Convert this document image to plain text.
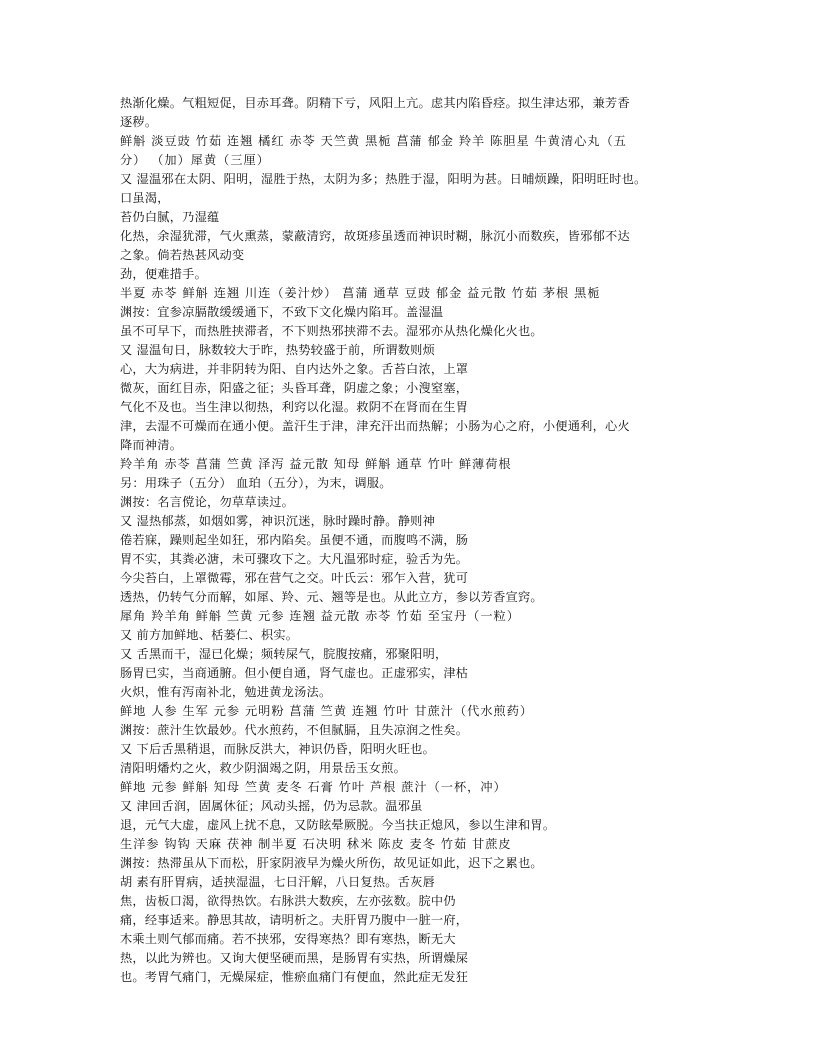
热渐化燥。气粗短促，目赤耳聋。阴精下亏，风阳上亢。虑其内陷昏痉。拟生津达邪，兼芳香
逐秽。
鲜斛 淡豆豉 竹茹 连翘 橘红 赤苓 天竺黄 黑栀 菖蒲 郁金 羚羊 陈胆星 牛黄清心丸（五
分） （加）犀黄（三厘）
又 湿温邪在太阴、阳明，湿胜于热，太阴为多；热胜于湿，阳明为甚。日晡烦躁，阳明旺时也。
口虽渴，
苔仍白腻，乃湿蕴
化热，余湿犹滞，气火熏蒸，蒙蔽清窍，故斑疹虽透而神识时糊，脉沉小而数疾，皆邪郁不达
之象。倘若热甚风动变
劲，便难措手。
半夏 赤苓 鲜斛 连翘 川连（姜汁炒） 菖蒲 通草 豆豉 郁金 益元散 竹茹 茅根 黑栀
渊按：宜参凉膈散缓缓通下，不致下文化燥内陷耳。盖湿温
虽不可早下，而热胜挟滞者，不下则热邪挟滞不去。湿邪亦从热化燥化火也。
又 湿温旬日，脉数较大于昨，热势较盛于前，所谓数则烦
心，大为病进，并非阴转为阳、自内达外之象。舌苔白浓，上罩
微灰，面红目赤，阳盛之征；头昏耳聋，阴虚之象；小溲窒塞，
气化不及也。当生津以彻热，利窍以化湿。救阴不在肾而在生胃
津，去湿不可燥而在通小便。盖汗生于津，津充汗出而热解；小肠为心之府，小便通利，心火
降而神清。
羚羊角 赤苓 菖蒲 竺黄 泽泻 益元散 知母 鲜斛 通草 竹叶 鲜薄荷根
另：用珠子（五分） 血珀（五分），为末，调服。
渊按：名言傥论，勿草草读过。
又 湿热郁蒸，如烟如雾，神识沉迷，脉时躁时静。静则神
倦若寐，躁则起坐如狂，邪内陷矣。虽便不通，而腹鸣不满，肠
胃不实，其粪必溏，未可骤攻下之。大凡温邪时症，验舌为先。
今尖苔白，上罩微霉，邪在营气之交。叶氏云：邪乍入营，犹可
透热，仍转气分而解，如犀、羚、元、翘等是也。从此立方，参以芳香宣窍。
犀角 羚羊角 鲜斛 竺黄 元参 连翘 益元散 赤苓 竹茹 至宝丹（一粒）
又 前方加鲜地、栝蒌仁、枳实。
又 舌黑而干，湿已化燥；频转屎气，脘腹按痛，邪聚阳明，
肠胃已实，当商通腑。但小便自通，肾气虚也。正虚邪实，津枯
火炽，惟有泻南补北，勉进黄龙汤法。
鲜地 人参 生军 元参 元明粉 菖蒲 竺黄 连翘 竹叶 甘蔗汁（代水煎药）
渊按：蔗汁生饮最妙。代水煎药，不但腻膈，且失凉润之性矣。
又 下后舌黑稍退，而脉反洪大，神识仍昏，阳明火旺也。
清阳明燔灼之火，救少阴涸竭之阴，用景岳玉女煎。
鲜地 元参 鲜斛 知母 竺黄 麦冬 石膏 竹叶 芦根 蔗汁（一杯，冲）
又 津回舌润，固属休征；风动头摇，仍为忌款。温邪虽
退，元气大虚，虚风上扰不息，又防眩晕厥脱。今当扶正熄风，参以生津和胃。
生洋参 钩钩 天麻 茯神 制半夏 石决明 秫米 陈皮 麦冬 竹茹 甘蔗皮
渊按：热滞虽从下而松，肝家阴液早为燥火所伤，故见证如此，迟下之累也。
胡 素有肝胃病，适挟湿温，七日汗解，八日复热。舌灰唇
焦，齿板口渴，欲得热饮。右脉洪大数疾，左亦弦数。脘中仍
痛，经事适来。静思其故，请明析之。夫肝胃乃腹中一脏一府，
木乘土则气郁而痛。若不挟邪，安得寒热？即有寒热，断无大
热，以此为辨也。又询大便坚硬而黑，是肠胃有实热，所谓燥屎
也。考胃气痛门，无燥屎症，惟瘀血痛门有便血，然此症无发狂
